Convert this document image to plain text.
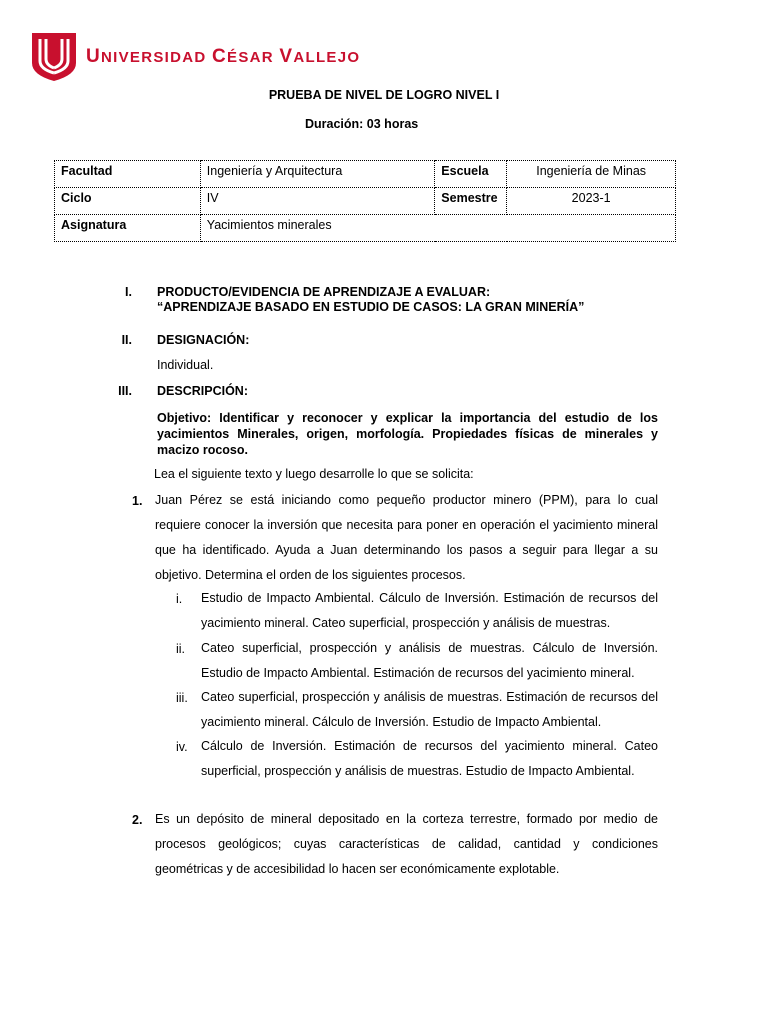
UNIVERSIDAD CÉSAR VALLEJO
PRUEBA DE NIVEL DE LOGRO NIVEL I
Duración: 03 horas
Facultad	Ingeniería y Arquitectura	Escuela	Ingeniería de Minas
Ciclo	IV	Semestre	2023-1
Asignatura	Yacimientos minerales		
I. PRODUCTO/EVIDENCIA DE APRENDIZAJE A EVALUAR:
“APRENDIZAJE BASADO EN ESTUDIO DE CASOS: LA GRAN MINERÍA”
II. DESIGNACIÓN:
Individual.
III. DESCRIPCIÓN:
Objetivo: Identificar y reconocer y explicar la importancia del estudio de los yacimientos Minerales, origen, morfología. Propiedades físicas de minerales y macizo rocoso.
Lea el siguiente texto y luego desarrolle lo que se solicita:
1. Juan Pérez se está iniciando como pequeño productor minero (PPM), para lo cual requiere conocer la inversión que necesita para poner en operación el yacimiento mineral que ha identificado. Ayuda a Juan determinando los pasos a seguir para llegar a su objetivo. Determina el orden de los siguientes procesos.
i. Estudio de Impacto Ambiental. Cálculo de Inversión. Estimación de recursos del yacimiento mineral. Cateo superficial, prospección y análisis de muestras.
ii. Cateo superficial, prospección y análisis de muestras. Cálculo de Inversión. Estudio de Impacto Ambiental. Estimación de recursos del yacimiento mineral.
iii. Cateo superficial, prospección y análisis de muestras. Estimación de recursos del yacimiento mineral. Cálculo de Inversión. Estudio de Impacto Ambiental.
iv. Cálculo de Inversión. Estimación de recursos del yacimiento mineral. Cateo superficial, prospección y análisis de muestras. Estudio de Impacto Ambiental.
2. Es un depósito de mineral depositado en la corteza terrestre, formado por medio de procesos geológicos; cuyas características de calidad, cantidad y condiciones geométricas y de accesibilidad lo hacen ser económicamente explotable.
